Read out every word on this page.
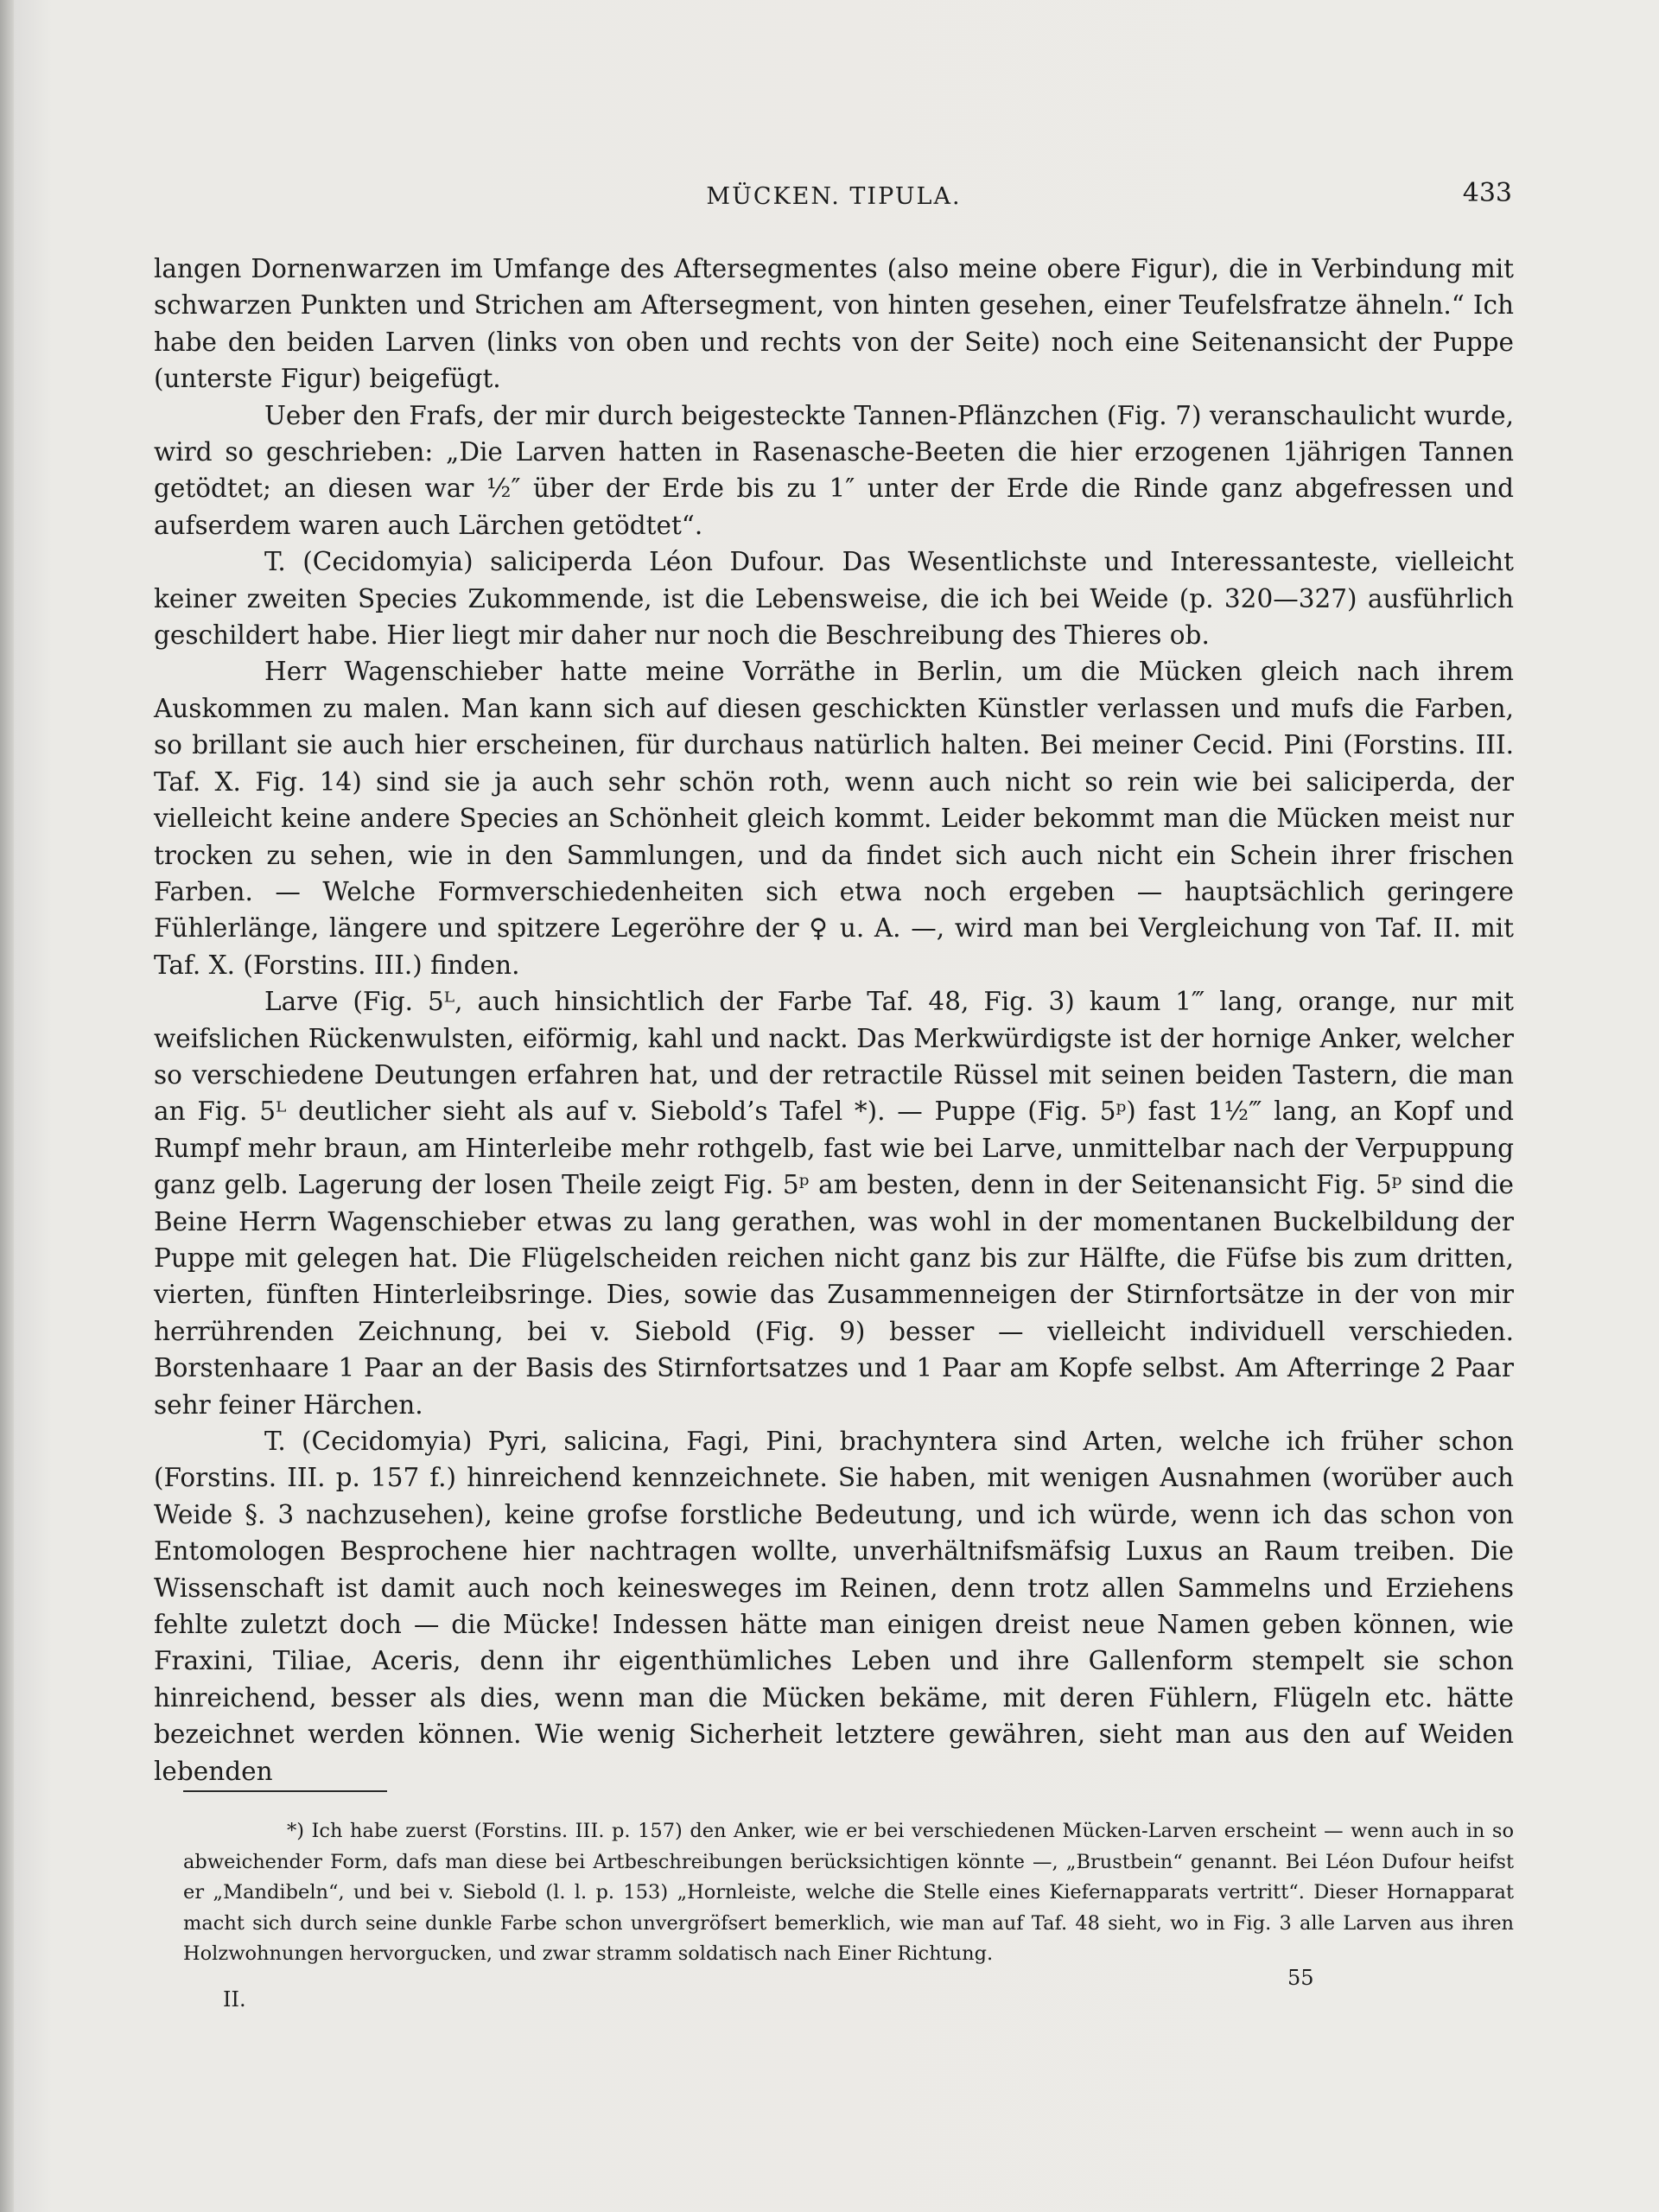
MÜCKEN. TIPULA.	433

langen Dornenwarzen im Umfange des Aftersegmentes (also meine obere Figur), die in Verbindung mit schwarzen Punkten und Strichen am Aftersegment, von hinten gesehen, einer Teufelsfratze ähneln.“ Ich habe den beiden Larven (links von oben und rechts von der Seite) noch eine Seitenansicht der Puppe (unterste Figur) beigefügt.

Ueber den Frafs, der mir durch beigesteckte Tannen-Pflänzchen (Fig. 7) veranschaulicht wurde, wird so geschrieben: „Die Larven hatten in Rasenasche-Beeten die hier erzogenen 1jährigen Tannen getödtet; an diesen war ½″ über der Erde bis zu 1″ unter der Erde die Rinde ganz abgefressen und aufserdem waren auch Lärchen getödtet“.

T. (Cecidomyia) saliciperda Léon Dufour. Das Wesentlichste und Interessanteste, vielleicht keiner zweiten Species Zukommende, ist die Lebensweise, die ich bei Weide (p. 320—327) ausführlich geschildert habe. Hier liegt mir daher nur noch die Beschreibung des Thieres ob.

Herr Wagenschieber hatte meine Vorräthe in Berlin, um die Mücken gleich nach ihrem Auskommen zu malen. Man kann sich auf diesen geschickten Künstler verlassen und mufs die Farben, so brillant sie auch hier erscheinen, für durchaus natürlich halten. Bei meiner Cecid. Pini (Forstins. III. Taf. X. Fig. 14) sind sie ja auch sehr schön roth, wenn auch nicht so rein wie bei saliciperda, der vielleicht keine andere Species an Schönheit gleich kommt. Leider bekommt man die Mücken meist nur trocken zu sehen, wie in den Sammlungen, und da findet sich auch nicht ein Schein ihrer frischen Farben. — Welche Formverschiedenheiten sich etwa noch ergeben — hauptsächlich geringere Fühlerlänge, längere und spitzere Legeröhre der ♀ u. A. —, wird man bei Vergleichung von Taf. II. mit Taf. X. (Forstins. III.) finden.

Larve (Fig. 5ᴸ, auch hinsichtlich der Farbe Taf. 48, Fig. 3) kaum 1‴ lang, orange, nur mit weifslichen Rückenwulsten, eiförmig, kahl und nackt. Das Merkwürdigste ist der hornige Anker, welcher so verschiedene Deutungen erfahren hat, und der retractile Rüssel mit seinen beiden Tastern, die man an Fig. 5ᴸ deutlicher sieht als auf v. Siebold’s Tafel *). — Puppe (Fig. 5ᵖ) fast 1½‴ lang, an Kopf und Rumpf mehr braun, am Hinterleibe mehr rothgelb, fast wie bei Larve, unmittelbar nach der Verpuppung ganz gelb. Lagerung der losen Theile zeigt Fig. 5ᵖ am besten, denn in der Seitenansicht Fig. 5ᵖ sind die Beine Herrn Wagenschieber etwas zu lang gerathen, was wohl in der momentanen Buckelbildung der Puppe mit gelegen hat. Die Flügelscheiden reichen nicht ganz bis zur Hälfte, die Füfse bis zum dritten, vierten, fünften Hinterleibsringe. Dies, sowie das Zusammenneigen der Stirnfortsätze in der von mir herrührenden Zeichnung, bei v. Siebold (Fig. 9) besser — vielleicht individuell verschieden. Borstenhaare 1 Paar an der Basis des Stirnfortsatzes und 1 Paar am Kopfe selbst. Am Afterringe 2 Paar sehr feiner Härchen.

T. (Cecidomyia) Pyri, salicina, Fagi, Pini, brachyntera sind Arten, welche ich früher schon (Forstins. III. p. 157 f.) hinreichend kennzeichnete. Sie haben, mit wenigen Ausnahmen (worüber auch Weide §. 3 nachzusehen), keine grofse forstliche Bedeutung, und ich würde, wenn ich das schon von Entomologen Besprochene hier nachtragen wollte, unverhältnifsmäfsig Luxus an Raum treiben. Die Wissenschaft ist damit auch noch keinesweges im Reinen, denn trotz allen Sammelns und Erziehens fehlte zuletzt doch — die Mücke! Indessen hätte man einigen dreist neue Namen geben können, wie Fraxini, Tiliae, Aceris, denn ihr eigenthümliches Leben und ihre Gallenform stempelt sie schon hinreichend, besser als dies, wenn man die Mücken bekäme, mit deren Fühlern, Flügeln etc. hätte bezeichnet werden können. Wie wenig Sicherheit letztere gewähren, sieht man aus den auf Weiden lebenden

*) Ich habe zuerst (Forstins. III. p. 157) den Anker, wie er bei verschiedenen Mücken-Larven erscheint — wenn auch in so abweichender Form, dafs man diese bei Artbeschreibungen berücksichtigen könnte —, „Brustbein“ genannt. Bei Léon Dufour heifst er „Mandibeln“, und bei v. Siebold (l. l. p. 153) „Hornleiste, welche die Stelle eines Kiefernapparats vertritt“. Dieser Hornapparat macht sich durch seine dunkle Farbe schon unvergröfsert bemerklich, wie man auf Taf. 48 sieht, wo in Fig. 3 alle Larven aus ihren Holzwohnungen hervorgucken, und zwar stramm soldatisch nach Einer Richtung.

II.
55
